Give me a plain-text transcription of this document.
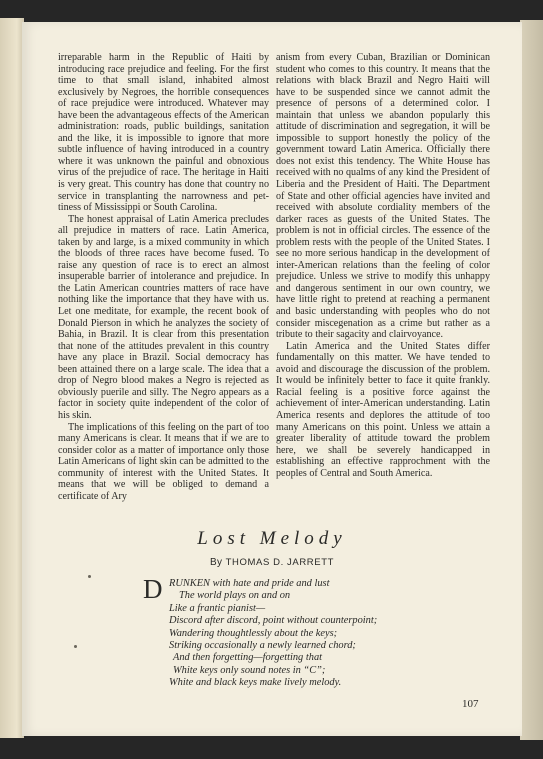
irreparable harm in the Republic of Haiti by introducing race prejudice and feeling. For the first time to that small island, inhabited almost exclusively by Negroes, the horrible consequences of race prejudice were introduced. Whatever may have been the advantageous effects of the American administration: roads, public buildings, sanitation and the like, it is impossible to ignore that more subtle influence of having introduced in a country where it was unknown the painful and obnoxious virus of the prejudice of race. The heritage in Haiti is very great. This country has done that country no service in transplanting the narrowness and pettiness of Mississippi or South Carolina.

The honest appraisal of Latin America precludes all prejudice in matters of race. Latin America, taken by and large, is a mixed community in which the bloods of three races have become fused. To raise any question of race is to erect an almost insuperable barrier of intolerance and prejudice. In the Latin American countries matters of race have nothing like the importance that they have with us. Let one meditate, for example, the recent book of Donald Pierson in which he analyzes the society of Bahia, in Brazil. It is clear from this presentation that none of the attitudes prevalent in this country have any place in Brazil. Social democracy has been attained there on a large scale. The idea that a drop of Negro blood makes a Negro is rejected as obviously puerile and silly. The Negro appears as a factor in society quite independent of the color of his skin.

The implications of this feeling on the part of too many Americans is clear. It means that if we are to consider color as a matter of importance only those Latin Americans of light skin can be admitted to the community of interest with the United States. It means that we will be obliged to demand a certificate of Ary

anism from every Cuban, Brazilian or Dominican student who comes to this country. It means that the relations with black Brazil and Negro Haiti will have to be suspended since we cannot admit the presence of persons of a determined color. I maintain that unless we abandon popularly this attitude of discrimination and segregation, it will be impossible to support honestly the policy of the government toward Latin America. Officially there does not exist this tendency. The White House has received with no qualms of any kind the President of Liberia and the President of Haiti. The Department of State and other official agencies have invited and received with absolute cordiality members of the darker races as guests of the United States. The problem is not in official circles. The essence of the problem rests with the people of the United States. I see no more serious handicap in the development of inter-American relations than the feeling of color prejudice. Unless we strive to modify this unhappy and dangerous sentiment in our own country, we have little right to pretend at reaching a permanent and basic understanding with peoples who do not consider miscegenation as a crime but rather as a tribute to their sagacity and clairvoyance.

Latin America and the United States differ fundamentally on this matter. We have tended to avoid and discourage the discussion of the problem. It would be infinitely better to face it quite frankly. Racial feeling is a positive force against the achievement of inter-American understanding. Latin America resents and deplores the attitude of too many Americans on this point. Unless we attain a greater liberality of attitude toward the problem here, we shall be severely handicapped in establishing an effective rapprochment with the peoples of Central and South America.

Lost Melody
By THOMAS D. JARRETT
D RUNKEN with hate and pride and lust
The world plays on and on
Like a frantic pianist—
Discord after discord, point without counterpoint;
Wandering thoughtlessly about the keys;
Striking occasionally a newly learned chord;
And then forgetting—forgetting that
White keys only sound notes in “C”;
White and black keys make lively melody.
107
